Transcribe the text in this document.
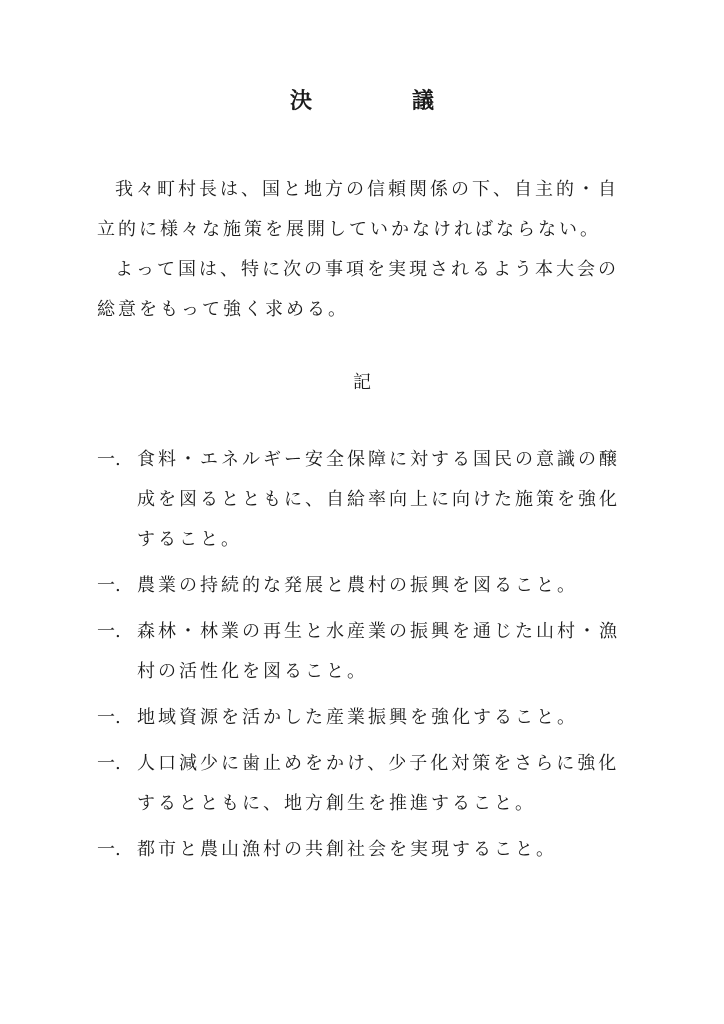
決	議

我々町村長は、国と地方の信頼関係の下、自主的・自立的に様々な施策を展開していかなければならない。

よって国は、特に次の事項を実現されるよう本大会の総意をもって強く求める。

記
一. 食料・エネルギー安全保障に対する国民の意識の醸成を図るとともに、自給率向上に向けた施策を強化すること。
一. 農業の持続的な発展と農村の振興を図ること。
一. 森林・林業の再生と水産業の振興を通じた山村・漁村の活性化を図ること。
一. 地域資源を活かした産業振興を強化すること。
一. 人口減少に歯止めをかけ、少子化対策をさらに強化するとともに、地方創生を推進すること。
一. 都市と農山漁村の共創社会を実現すること。
